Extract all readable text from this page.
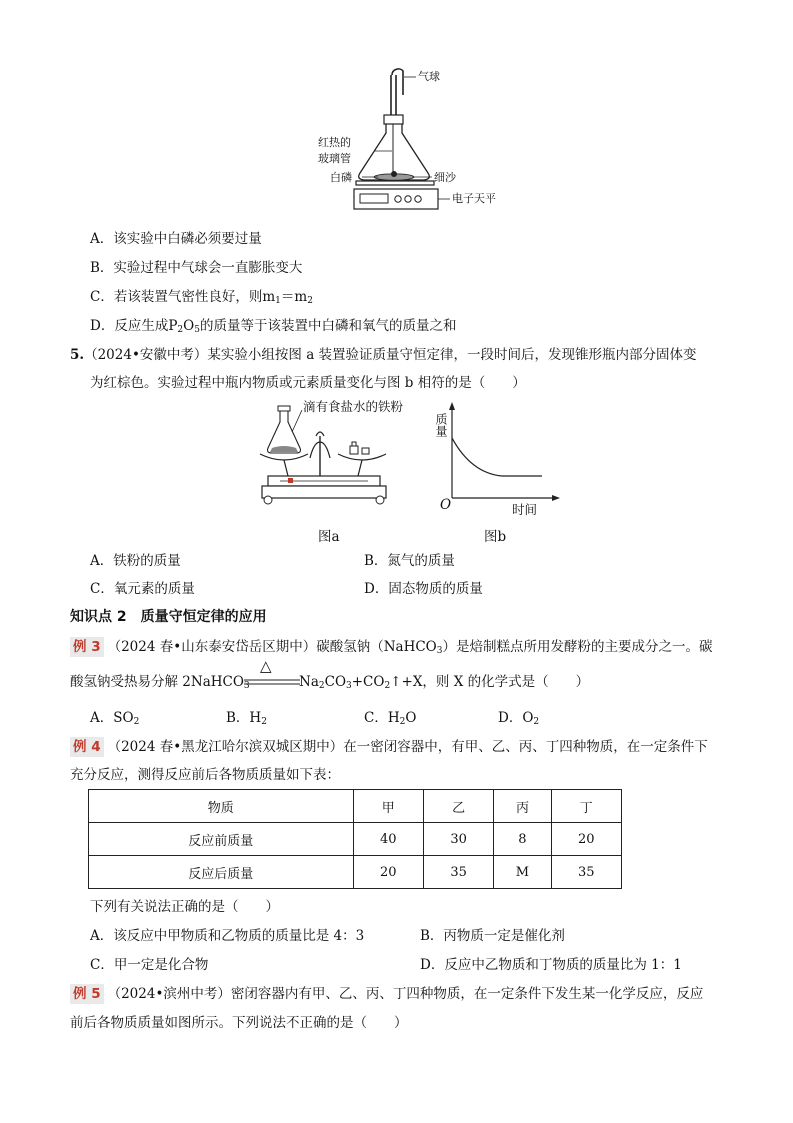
气球
红热的
玻璃管
白磷	细沙
电子天平
A．该实验中白磷必须要过量
B．实验过程中气球会一直膨胀变大
C．若该装置气密性良好，则$m_1=m_2$
D．反应生成$P_2O_5$的质量等于该装置中白磷和氧气的质量之和
5.（2024•安徽中考）某实验小组按图 a 装置验证质量守恒定律，一段时间后，发现锥形瓶内部分固体变
为红棕色。实验过程中瓶内物质或元素质量变化与图 b 相符的是（　　）
滴有食盐水的铁粉
图a
质量
O	时间
图b
A．铁粉的质量	B．氮气的质量
C．氧元素的质量	D．固态物质的质量
知识点 2　质量守恒定律的应用
例 3 （2024 春•山东泰安岱岳区期中）碳酸氢钠（NaHCO$_3$）是焙制糕点所用发酵粉的主要成分之一。碳
酸氢钠受热易分解 2NaHCO$_3$
△
$Na_2CO_3+CO_2↑+X$，则 X 的化学式是（　　）
A．$SO_2$	B．$H_2$	C．$H_2O$	D．$O_2$
例 4 （2024 春•黑龙江哈尔滨双城区期中）在一密闭容器中，有甲、乙、丙、丁四种物质，在一定条件下
充分反应，测得反应前后各物质质量如下表：
物质	甲	乙	丙	丁
反应前质量	40	30	8	20
反应后质量	20	35	M	35
下列有关说法正确的是（　　）
A．该反应中甲物质和乙物质的质量比是 4：3	B．丙物质一定是催化剂
C．甲一定是化合物	D．反应中乙物质和丁物质的质量比为 1：1
例 5 （2024•滨州中考）密闭容器内有甲、乙、丙、丁四种物质，在一定条件下发生某一化学反应，反应
前后各物质质量如图所示。下列说法不正确的是（　　）
